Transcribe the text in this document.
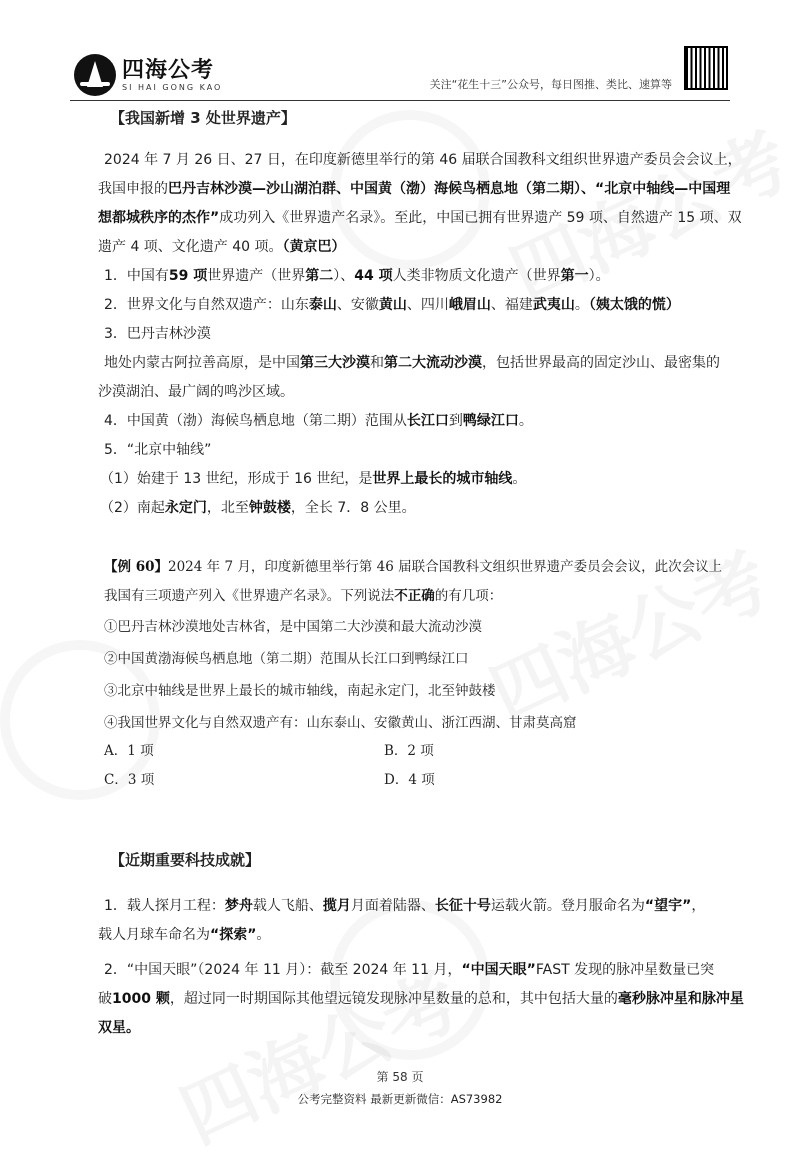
四海公考
SI HAI GONG KAO	关注“花生十三”公众号，每日图推、类比、速算等
【我国新增 3 处世界遗产】
2024 年 7 月 26 日、27 日，在印度新德里举行的第 46 届联合国教科文组织世界遗产委员会会议上，
我国申报的巴丹吉林沙漠—沙山湖泊群、中国黄（渤）海候鸟栖息地（第二期）、“北京中轴线—中国理
想都城秩序的杰作”成功列入《世界遗产名录》。至此，中国已拥有世界遗产 59 项、自然遗产 15 项、双
遗产 4 项、文化遗产 40 项。（黄京巴）
1．中国有59 项世界遗产（世界第二）、44 项人类非物质文化遗产（世界第一）。
2．世界文化与自然双遗产：山东泰山、安徽黄山、四川峨眉山、福建武夷山。（姨太饿的慌）
3．巴丹吉林沙漠
地处内蒙古阿拉善高原，是中国第三大沙漠和第二大流动沙漠，包括世界最高的固定沙山、最密集的
沙漠湖泊、最广阔的鸣沙区域。
4．中国黄（渤）海候鸟栖息地（第二期）范围从长江口到鸭绿江口。
5．“北京中轴线”
（1）始建于 13 世纪，形成于 16 世纪，是世界上最长的城市轴线。
（2）南起永定门，北至钟鼓楼，全长 7．8 公里。
【例 60】2024 年 7 月，印度新德里举行第 46 届联合国教科文组织世界遗产委员会会议，此次会议上
我国有三项遗产列入《世界遗产名录》。下列说法不正确的有几项：
①巴丹吉林沙漠地处吉林省，是中国第二大沙漠和最大流动沙漠
②中国黄渤海候鸟栖息地（第二期）范围从长江口到鸭绿江口
③北京中轴线是世界上最长的城市轴线，南起永定门，北至钟鼓楼
④我国世界文化与自然双遗产有：山东泰山、安徽黄山、浙江西湖、甘肃莫高窟
A．1 项	B．2 项
C．3 项	D．4 项
【近期重要科技成就】
1．载人探月工程：梦舟载人飞船、揽月月面着陆器、长征十号运载火箭。登月服命名为“望宇”，
载人月球车命名为“探索”。
2．“中国天眼”（2024 年 11 月）：截至 2024 年 11 月，“中国天眼”FAST 发现的脉冲星数量已突
破1000 颗，超过同一时期国际其他望远镜发现脉冲星数量的总和，其中包括大量的毫秒脉冲星和脉冲星
双星。
第 58 页
公考完整资料 最新更新微信：AS73982
